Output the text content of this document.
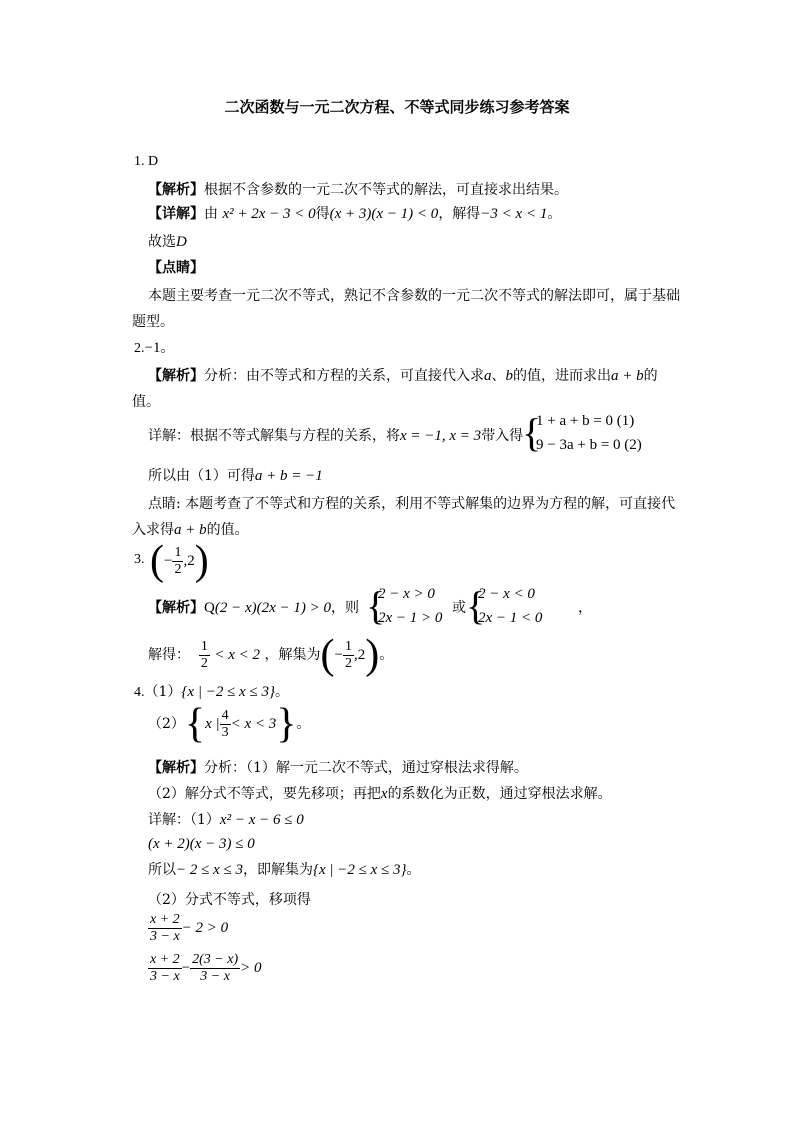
二次函数与一元二次方程、不等式同步练习参考答案
1. D
【解析】根据不含参数的一元二次不等式的解法，可直接求出结果。
【详解】由 x² + 2x − 3 < 0得(x + 3)(x − 1) < 0，解得−3 < x < 1。
故选D
【点睛】
本题主要考查一元二次不等式，熟记不含参数的一元二次不等式的解法即可，属于基础
题型。
2.−1。
【解析】分析：由不等式和方程的关系，可直接代入求a、b的值，进而求出a + b的
值。
详解：根据不等式解集与方程的关系，将x = −1, x = 3带入得
{
1 + a + b = 0 (1)
9 − 3a + b = 0 (2)
所以由（1）可得a + b = −1
点睛: 本题考查了不等式和方程的关系，利用不等式解集的边界为方程的解，可直接代
入求得a + b的值。
3. (− $\frac{1}{2} ,2$)
【解析】Q(2 − x)(2x − 1) > 0，则 {
2 − x > 0
2x − 1 > 0
或 {
2 − x < 0
2x − 1 < 0
，
解得： $\frac{1}{2} < x < 2$ ，解集为(− $\frac{1}{2} ,2$)。
4.（1）{x | −2 ≤ x ≤ 3}。
（2）{x | $\frac{4}{3} < x < 3$}。
【解析】分析：（1）解一元二次不等式，通过穿根法求得解。
（2）解分式不等式，要先移项；再把x的系数化为正数，通过穿根法求解。
详解：（1）x² − x − 6 ≤ 0
(x + 2)(x − 3) ≤ 0
所以− 2 ≤ x ≤ 3，即解集为{x | −2 ≤ x ≤ 3}。
（2）分式不等式，移项得
$\frac{x + 2}{3 - x} - 2 > 0$
$\frac{x + 2}{3 - x} - \frac{2(3 - x)}{3 - x} > 0$
